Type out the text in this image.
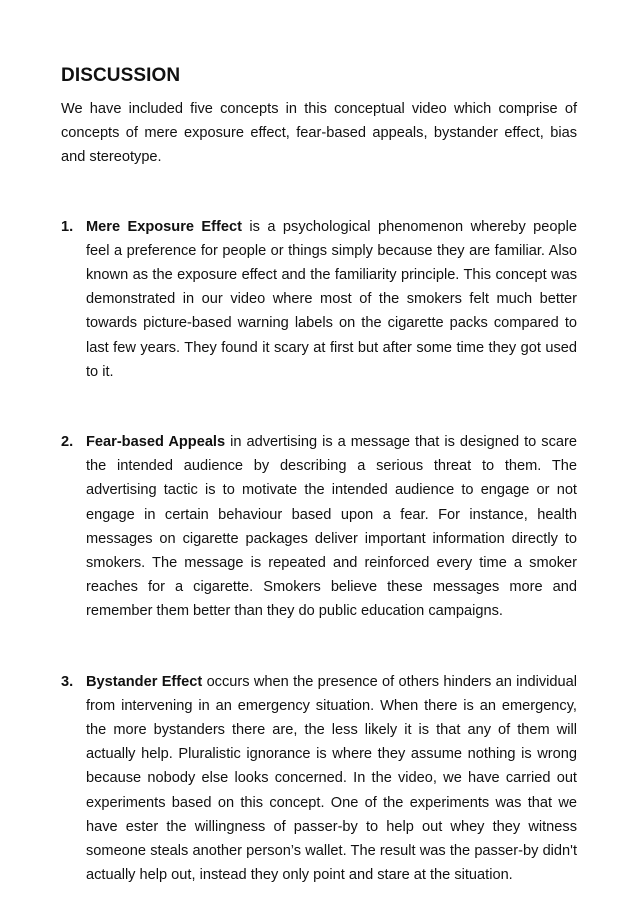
DISCUSSION

We have included five concepts in this conceptual video which comprise of concepts of mere exposure effect, fear-based appeals, bystander effect, bias and stereotype.

1. Mere Exposure Effect is a psychological phenomenon whereby people feel a preference for people or things simply because they are familiar. Also known as the exposure effect and the familiarity principle. This concept was demonstrated in our video where most of the smokers felt much better towards picture-based warning labels on the cigarette packs compared to last few years. They found it scary at first but after some time they got used to it.
2. Fear-based Appeals in advertising is a message that is designed to scare the intended audience by describing a serious threat to them. The advertising tactic is to motivate the intended audience to engage or not engage in certain behaviour based upon a fear. For instance, health messages on cigarette packages deliver important information directly to smokers. The message is repeated and reinforced every time a smoker reaches for a cigarette. Smokers believe these messages more and remember them better than they do public education campaigns.
3. Bystander Effect occurs when the presence of others hinders an individual from intervening in an emergency situation. When there is an emergency, the more bystanders there are, the less likely it is that any of them will actually help. Pluralistic ignorance is where they assume nothing is wrong because nobody else looks concerned. In the video, we have carried out experiments based on this concept. One of the experiments was that we have ester the willingness of passer-by to help out whey they witness someone steals another person’s wallet. The result was the passer-by didn't actually help out, instead they only point and stare at the situation.
